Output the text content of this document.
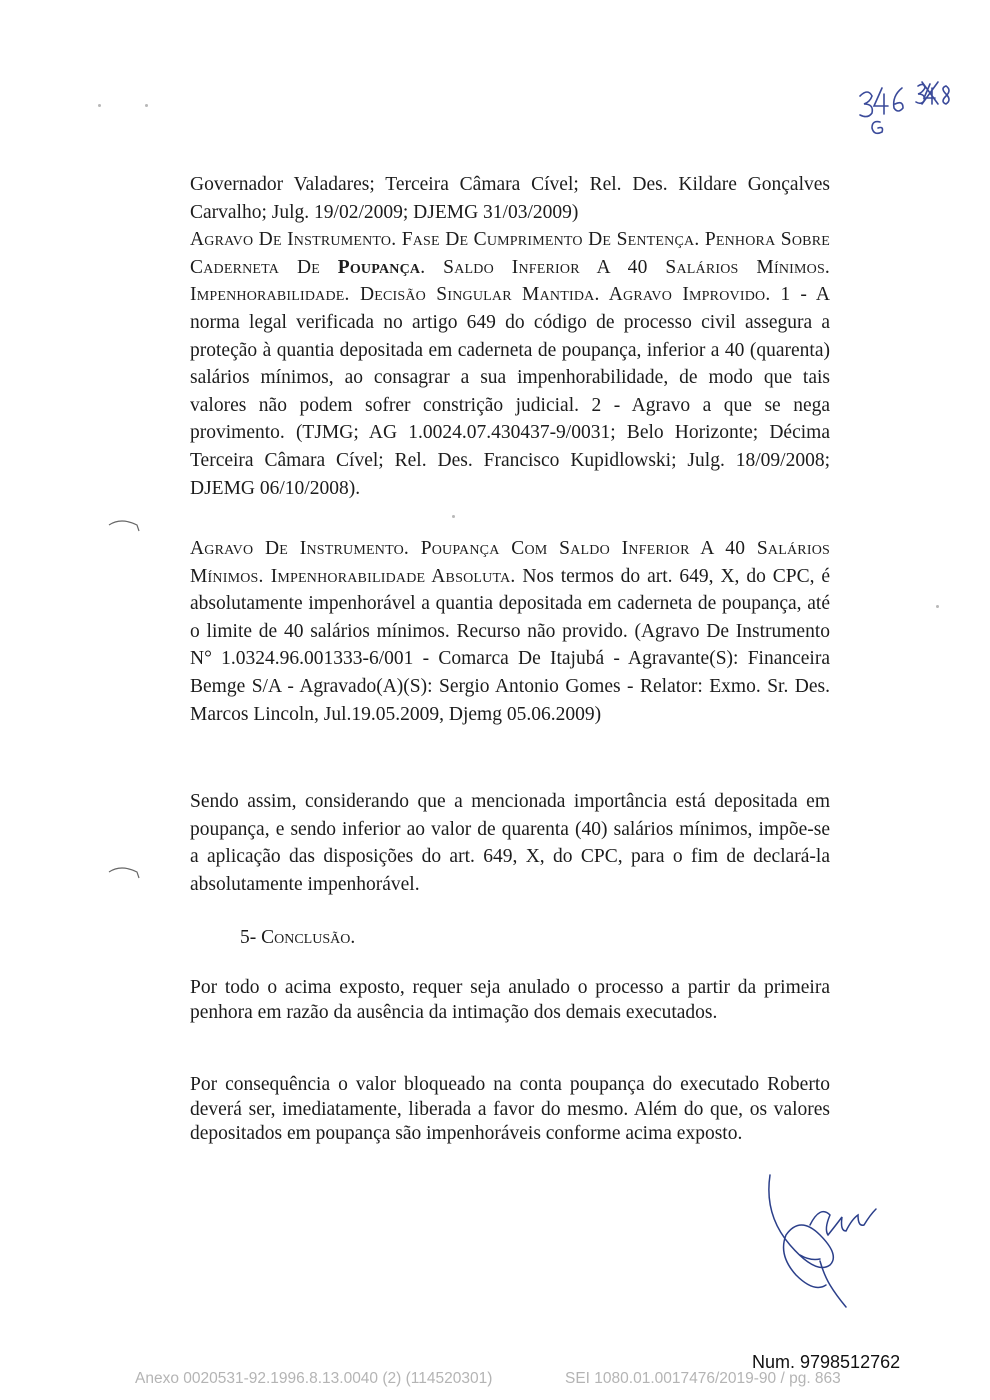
Governador Valadares; Terceira Câmara Cível; Rel. Des. Kildare Gonçalves Carvalho; Julg. 19/02/2009; DJEMG 31/03/2009)

Agravo De Instrumento. Fase De Cumprimento De Sentença. Penhora Sobre Caderneta De Poupança. Saldo Inferior A 40 Salários Mínimos. Impenhorabilidade. Decisão Singular Mantida. Agravo Improvido. 1 - A norma legal verificada no artigo 649 do código de processo civil assegura a proteção à quantia depositada em caderneta de poupança, inferior a 40 (quarenta) salários mínimos, ao consagrar a sua impenhorabilidade, de modo que tais valores não podem sofrer constrição judicial. 2 - Agravo a que se nega provimento. (TJMG; AG 1.0024.07.430437-9/0031; Belo Horizonte; Décima Terceira Câmara Cível; Rel. Des. Francisco Kupidlowski; Julg. 18/09/2008; DJEMG 06/10/2008).

Agravo De Instrumento. Poupança Com Saldo Inferior A 40 Salários Mínimos. Impenhorabilidade Absoluta. Nos termos do art. 649, X, do CPC, é absolutamente impenhorável a quantia depositada em caderneta de poupança, até o limite de 40 salários mínimos. Recurso não provido. (Agravo De Instrumento N° 1.0324.96.001333-6/001 - Comarca De Itajubá - Agravante(S): Financeira Bemge S/A - Agravado(A)(S): Sergio Antonio Gomes - Relator: Exmo. Sr. Des. Marcos Lincoln, Jul.19.05.2009, Djemg 05.06.2009)

Sendo assim, considerando que a mencionada importância está depositada em poupança, e sendo inferior ao valor de quarenta (40) salários mínimos, impõe-se a aplicação das disposições do art. 649, X, do CPC, para o fim de declará-la absolutamente impenhorável.

5- Conclusão.

Por todo o acima exposto, requer seja anulado o processo a partir da primeira penhora em razão da ausência da intimação dos demais executados.

Por consequência o valor bloqueado na conta poupança do executado Roberto deverá ser, imediatamente, liberada a favor do mesmo. Além do que, os valores depositados em poupança são impenhoráveis conforme acima exposto.

Num. 9798512762
Anexo 0020531-92.1996.8.13.0040 (2) (114520301)	SEI 1080.01.0017476/2019-90 / pg. 863
